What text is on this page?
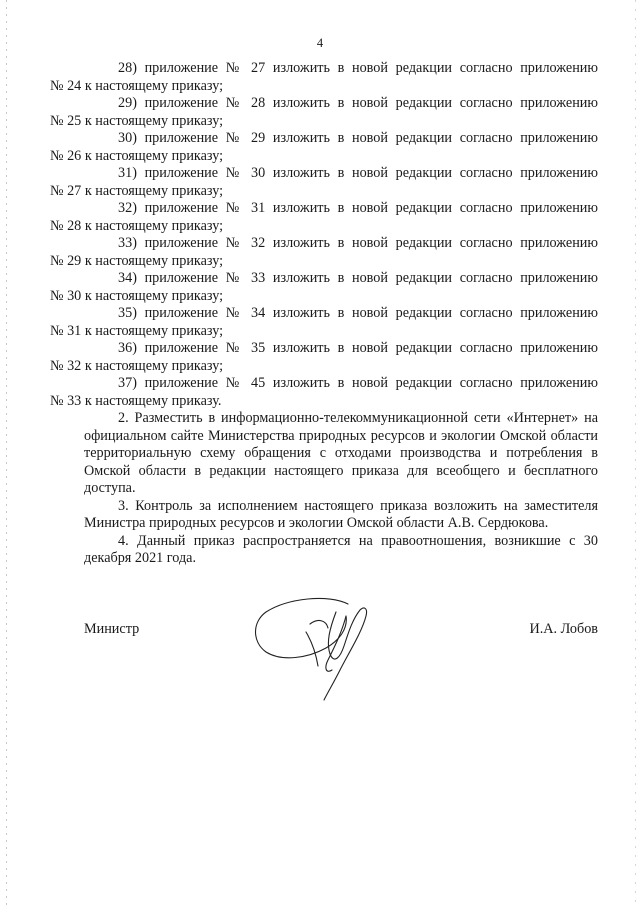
4

28) приложение № 27 изложить в новой редакции согласно приложению
№ 24 к настоящему приказу;

29) приложение № 28 изложить в новой редакции согласно приложению
№ 25 к настоящему приказу;

30) приложение № 29 изложить в новой редакции согласно приложению
№ 26 к настоящему приказу;

31) приложение № 30 изложить в новой редакции согласно приложению
№ 27 к настоящему приказу;

32) приложение № 31 изложить в новой редакции согласно приложению
№ 28 к настоящему приказу;

33) приложение № 32 изложить в новой редакции согласно приложению
№ 29 к настоящему приказу;

34) приложение № 33 изложить в новой редакции согласно приложению
№ 30 к настоящему приказу;

35) приложение № 34 изложить в новой редакции согласно приложению
№ 31 к настоящему приказу;

36) приложение № 35 изложить в новой редакции согласно приложению
№ 32 к настоящему приказу;

37) приложение № 45 изложить в новой редакции согласно приложению
№ 33 к настоящему приказу.

2. Разместить в информационно-телекоммуникационной сети «Интернет» на официальном сайте Министерства природных ресурсов и экологии Омской области территориальную схему обращения с отходами производства и потребления в Омской области в редакции настоящего приказа для всеобщего и бесплатного доступа.

3. Контроль за исполнением настоящего приказа возложить на заместителя Министра природных ресурсов и экологии Омской области А.В. Сердюкова.

4. Данный приказ распространяется на правоотношения, возникшие с 30 декабря 2021 года.

Министр	И.А. Лобов
